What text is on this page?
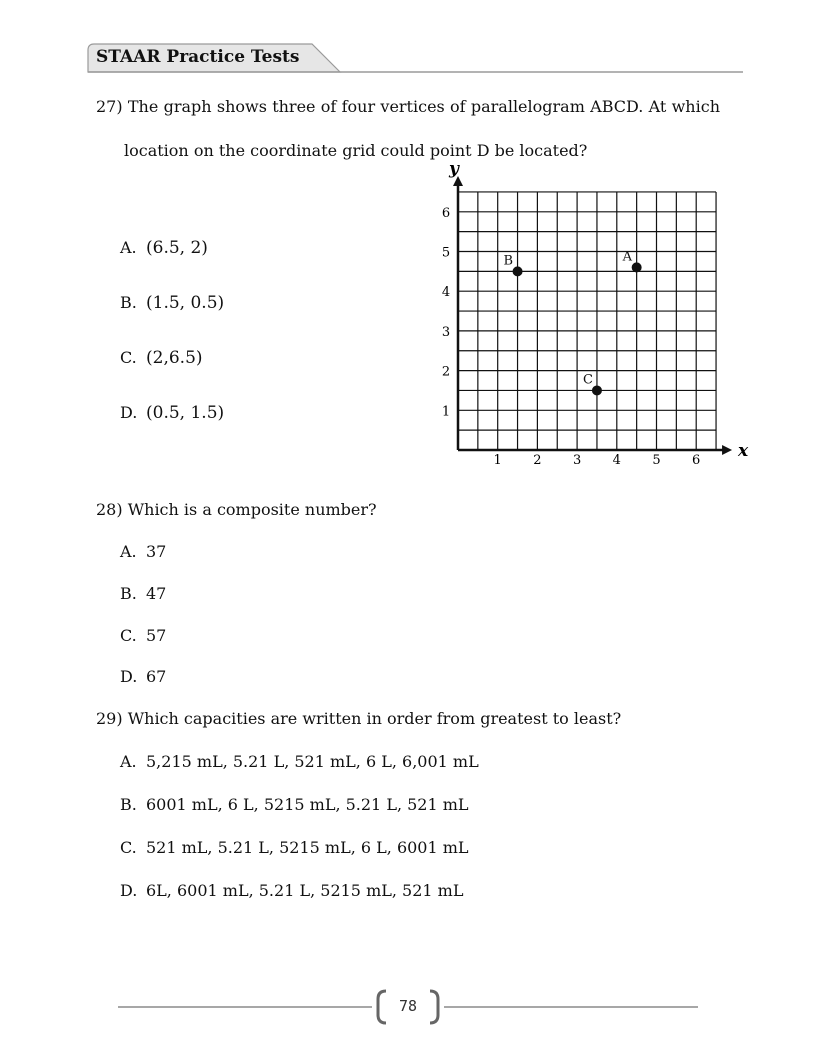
STAAR Practice Tests
27) The graph shows three of four vertices of parallelogram ABCD. At which
location on the coordinate grid could point D be located?
A. (6.5, 2)
B. (1.5, 0.5)
C. (2,6.5)
D. (0.5, 1.5)
x
y
1 2 3 4 5 6
1
2
3
4
5
6
B	A
C
28) Which is a composite number?
A. 37
B. 47
C. 57
D. 67
29) Which capacities are written in order from greatest to least?
A. 5,215 mL, 5.21 L, 521 mL, 6 L, 6,001 mL
B. 6001 mL, 6 L, 5215 mL, 5.21 L, 521 mL
C. 521 mL, 5.21 L, 5215 mL, 6 L, 6001 mL
D. 6L, 6001 mL, 5.21 L, 5215 mL, 521 mL
78
